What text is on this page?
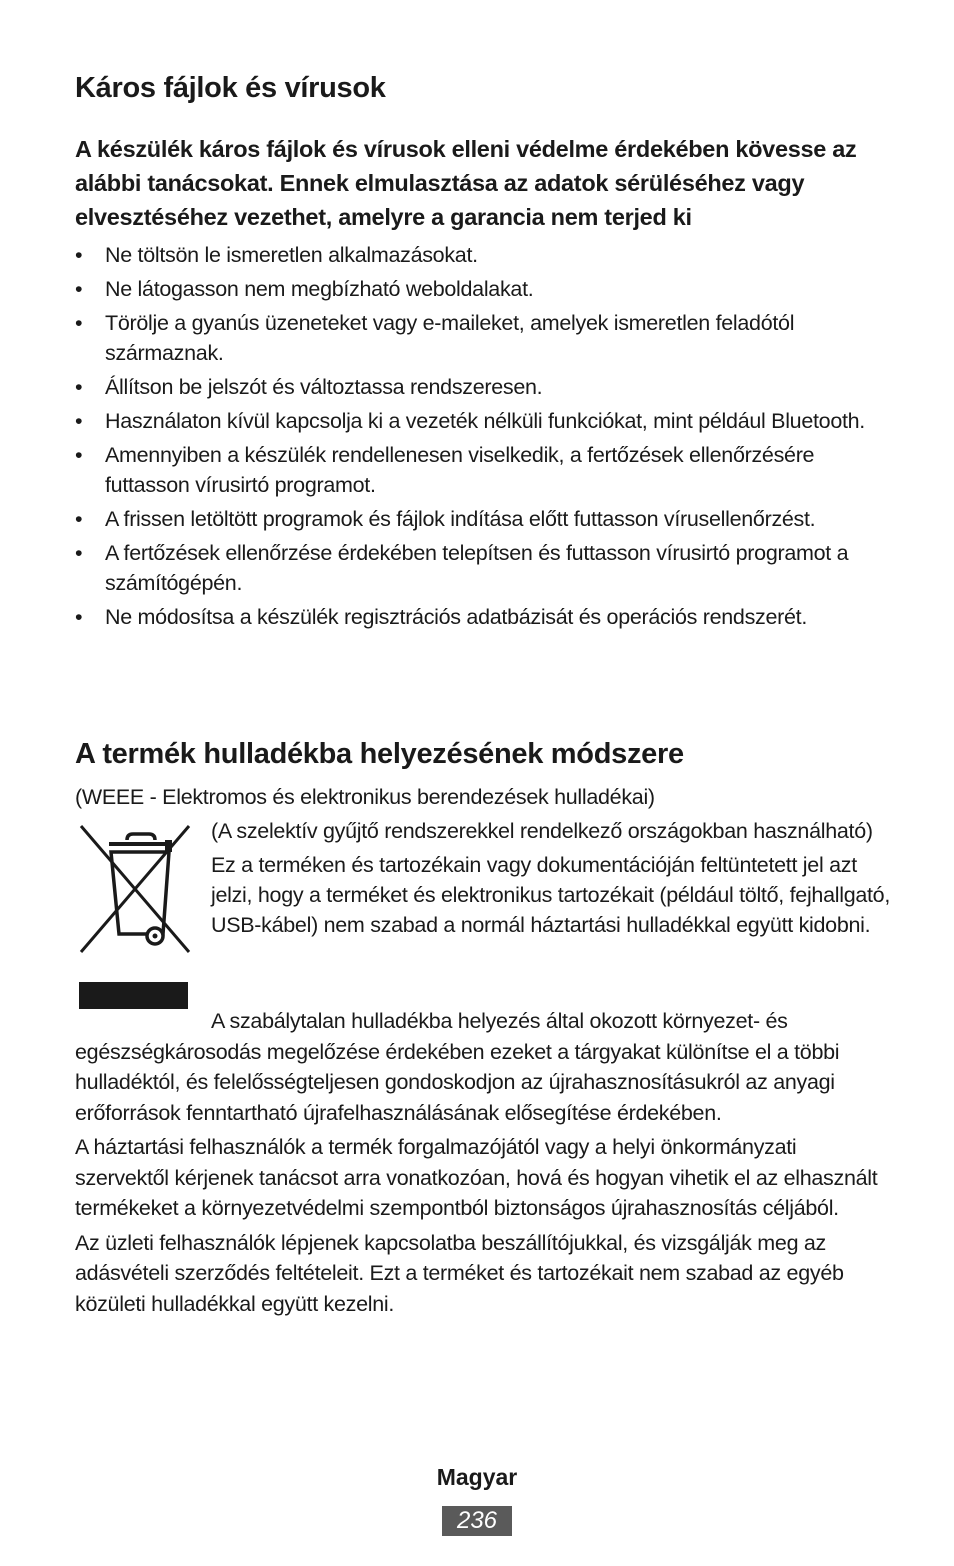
Káros fájlok és vírusok

A készülék káros fájlok és vírusok elleni védelme érdekében kövesse az alábbi tanácsokat. Ennek elmulasztása az adatok sérüléséhez vagy elvesztéséhez vezethet, amelyre a garancia nem terjed ki

• Ne töltsön le ismeretlen alkalmazásokat.
• Ne látogasson nem megbízható weboldalakat.
• Törölje a gyanús üzeneteket vagy e-maileket, amelyek ismeretlen feladótól származnak.
• Állítson be jelszót és változtassa rendszeresen.
• Használaton kívül kapcsolja ki a vezeték nélküli funkciókat, mint például Bluetooth.
• Amennyiben a készülék rendellenesen viselkedik, a fertőzések ellenőrzésére futtasson vírusirtó programot.
• A frissen letöltött programok és fájlok indítása előtt futtasson vírusellenőrzést.
• A fertőzések ellenőrzése érdekében telepítsen és futtasson vírusirtó programot a számítógépén.
• Ne módosítsa a készülék regisztrációs adatbázisát és operációs rendszerét.
A termék hulladékba helyezésének módszere
(WEEE - Elektromos és elektronikus berendezések hulladékai)

(A szelektív gyűjtő rendszerekkel rendelkező országokban használható)

Ez a terméken és tartozékain vagy dokumentációján feltüntetett jel azt jelzi, hogy a terméket és elektronikus tartozékait (például töltő, fejhallgató, USB-kábel) nem szabad a normál háztartási hulladékkal együtt kidobni.

A szabálytalan hulladékba helyezés által okozott környezet- és egészségkárosodás megelőzése érdekében ezeket a tárgyakat különítse el a többi hulladéktól, és felelősségteljesen gondoskodjon az újrahasznosításukról az anyagi erőforrások fenntartható újrafelhasználásának elősegítése érdekében.

A háztartási felhasználók a termék forgalmazójától vagy a helyi önkormányzati szervektől kérjenek tanácsot arra vonatkozóan, hová és hogyan vihetik el az elhasznált termékeket a környezetvédelmi szempontból biztonságos újrahasznosítás céljából.

Az üzleti felhasználók lépjenek kapcsolatba beszállítójukkal, és vizsgálják meg az adásvételi szerződés feltételeit. Ezt a terméket és tartozékait nem szabad az egyéb közületi hulladékkal együtt kezelni.

Magyar
236
